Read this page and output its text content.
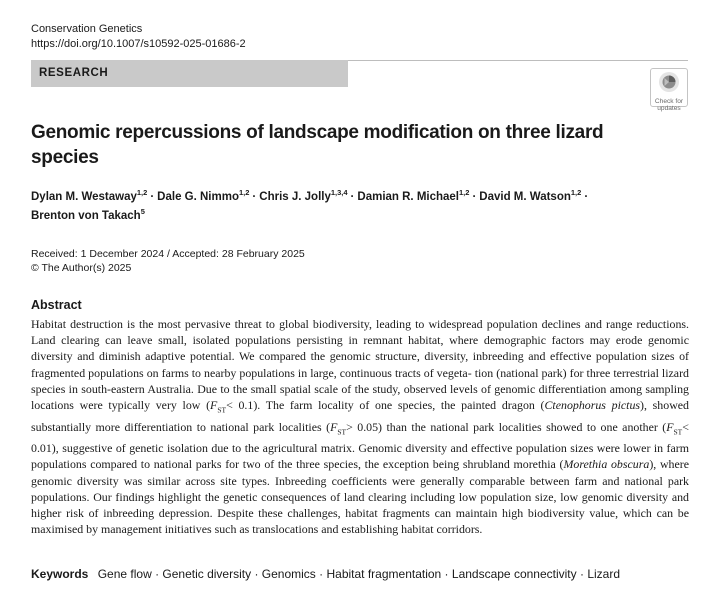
Conservation Genetics
https://doi.org/10.1007/s10592-025-01686-2
RESEARCH
Check for
updates
Genomic repercussions of landscape modification on three lizard species
Dylan M. Westaway$^{1,2}$ · Dale G. Nimmo$^{1,2}$ · Chris J. Jolly$^{1,3,4}$ · Damian R. Michael$^{1,2}$ · David M. Watson$^{1,2}$ ·
Brenton von Takach$^5$
Received: 1 December 2024 / Accepted: 28 February 2025
© The Author(s) 2025
Abstract
Habitat destruction is the most pervasive threat to global biodiversity, leading to widespread population declines and range reductions. Land clearing can leave small, isolated populations persisting in remnant habitat, where demographic factors may erode genomic diversity and diminish adaptive potential. We compared the genomic structure, diversity, inbreeding and effective population sizes of fragmented populations on farms to nearby populations in large, continuous tracts of vegeta- tion (national park) for three terrestrial lizard species in south-eastern Australia. Due to the small spatial scale of the study, observed levels of genomic differentiation among sampling locations were typically very low $(F_{ST}< 0.1)$. The farm locality of one species, the painted dragon (Ctenophorus pictus), showed substantially more differentiation to national park localities $(F_{ST}> 0.05)$ than the national park localities showed to one another $(F_{ST}< 0.01)$, suggestive of genetic isolation due to the agricultural matrix. Genomic diversity and effective population sizes were lower in farm populations compared to national parks for two of the three species, the exception being shrubland morethia (Morethia obscura), where genomic diversity was similar across site types. Inbreeding coefficients were generally comparable between farm and national park populations. Our findings highlight the genetic consequences of land clearing including low population size, low genomic diversity and higher risk of inbreeding depression. Despite these challenges, habitat fragments can maintain high biodiversity value, which can be maximised by management initiatives such as translocations and establishing habitat corridors.
Keywords Gene flow · Genetic diversity · Genomics · Habitat fragmentation · Landscape connectivity · Lizard
